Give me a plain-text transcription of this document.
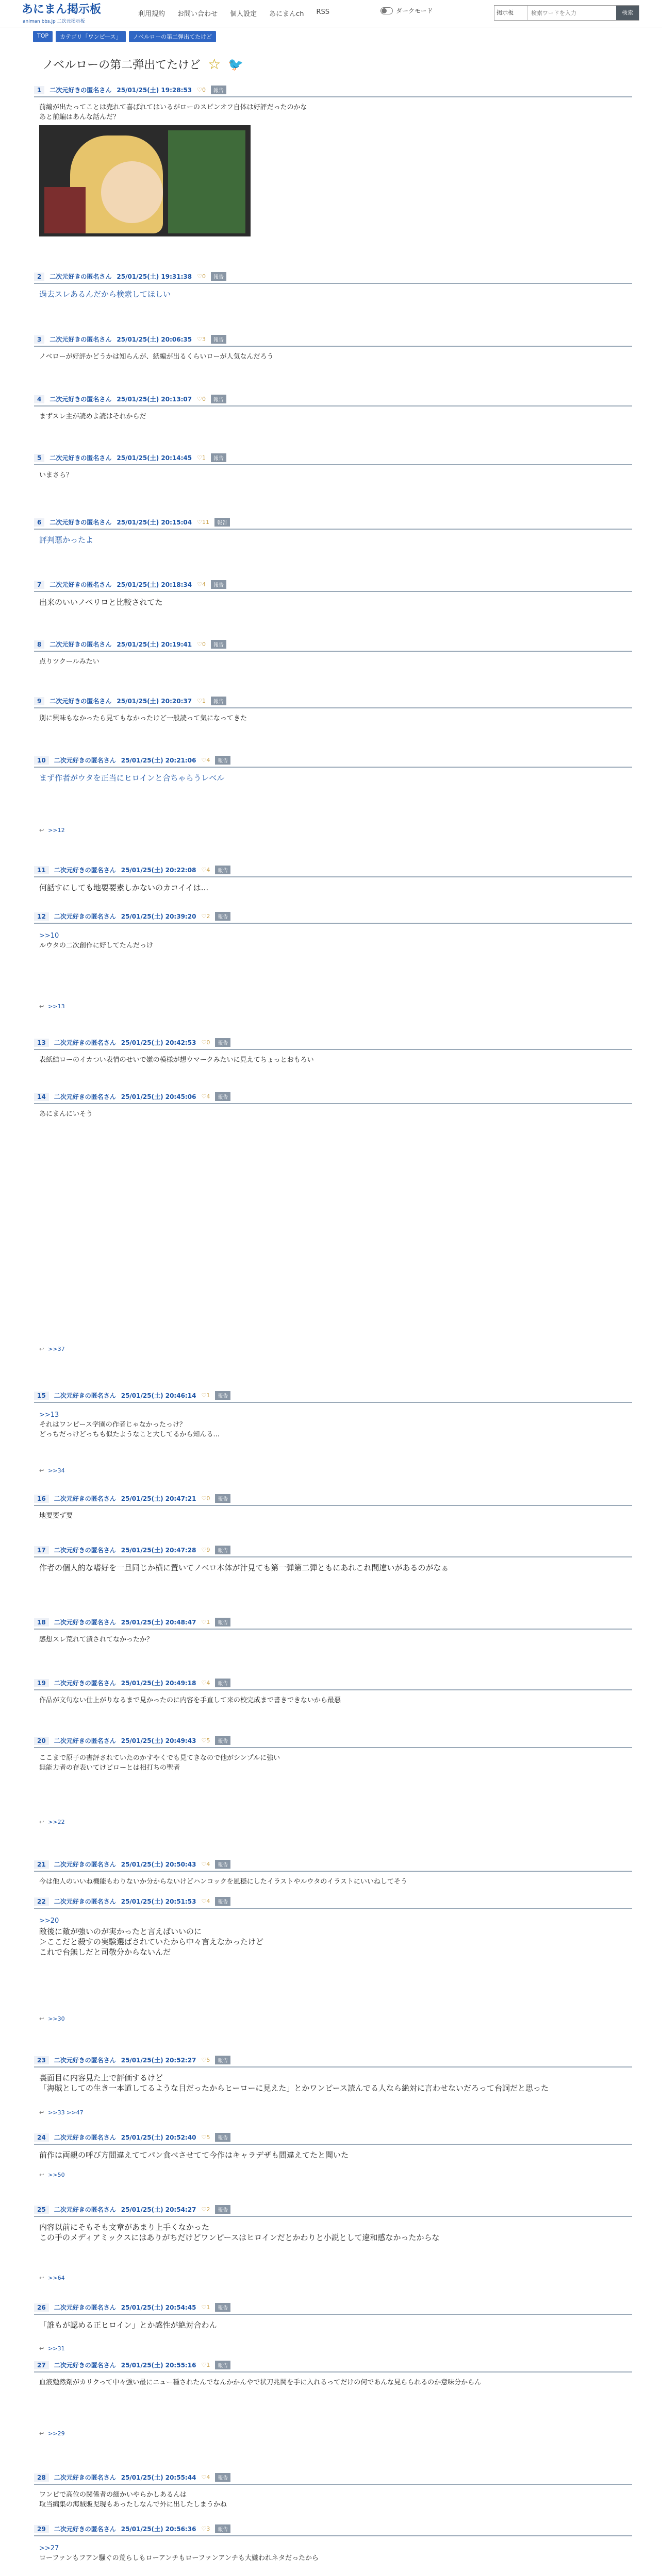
あにまん掲示板
animan bbs.jp 二次元掲示板
利用規約 お問い合わせ 個人設定 あにまんch RSS	ダークモード	掲示板
検索ワードを入力	検索
TOP	カテゴリ「ワンピース」	ノベルローの第二弾出てたけど
ノベルローの第二弾出てたけど ☆ 🐦
1	二次元好きの匿名さん 25/01/25(土) 19:28:53 ♡0	報告
前編が出たってことは売れて喜ばれてはいるがローのスピンオフ自体は好評だったのかな
あと前編はあんな話んだ？
2	二次元好きの匿名さん 25/01/25(土) 19:31:38 ♡0	報告
過去スレあるんだから検索してほしい
3	二次元好きの匿名さん 25/01/25(土) 20:06:35 ♡3	報告
ノベローが好評かどうかは知らんが、紙編が出るくらいローが人気なんだろう
4	二次元好きの匿名さん 25/01/25(土) 20:13:07 ♡0	報告
まずスレ主が読めよ読はそれからだ
5	二次元好きの匿名さん 25/01/25(土) 20:14:45 ♡1	報告
いまさら？
6	二次元好きの匿名さん 25/01/25(土) 20:15:04 ♡11	報告
評判悪かったよ
7	二次元好きの匿名さん 25/01/25(土) 20:18:34 ♡4	報告
出来のいいノベリロと比較されてた
8	二次元好きの匿名さん 25/01/25(土) 20:19:41 ♡0	報告
点りツクールみたい
9	二次元好きの匿名さん 25/01/25(土) 20:20:37 ♡1	報告
別に興味もなかったら見てもなかったけど一般読って気になってきた
10	二次元好きの匿名さん 25/01/25(土) 20:21:06 ♡4	報告
まず作者がウタを正当にヒロインと合ちゃらうレベル
11	二次元好きの匿名さん 25/01/25(土) 20:22:08 ♡4	報告
何話すにしても地要要素しかないのカコイイは...
12	二次元好きの匿名さん 25/01/25(土) 20:39:20 ♡2	報告
>>10
ルウタの二次創作に好してたんだっけ
13	二次元好きの匿名さん 25/01/25(土) 20:42:53 ♡0	報告
表紙結ローのイカつい表情のせいで嫌の模様が想ウマークみたいに見えてちょっとおもろい
14	二次元好きの匿名さん 25/01/25(土) 20:45:06 ♡4	報告
あにまんにいそう
15	二次元好きの匿名さん 25/01/25(土) 20:46:14 ♡1	報告
>>13
それはワンピース学園の作者じゃなかったっけ？
どっちだっけどっちも似たようなこと大してるから知んる...
16	二次元好きの匿名さん 25/01/25(土) 20:47:21 ♡0	報告
地要要ず要
17	二次元好きの匿名さん 25/01/25(土) 20:47:28 ♡9	報告
作者の個人的な嗜好を一旦同じか横に置いてノベロ本体が汁見ても第一弾第二弾ともにあれこれ間違いがあるのがなぁ
18	二次元好きの匿名さん 25/01/25(土) 20:48:47 ♡1	報告
感想スレ荒れて潰されてなかったか？
19	二次元好きの匿名さん 25/01/25(土) 20:49:18 ♡4	報告
作品が文句ない仕上がりなるまで見かったのに内容を手直して来の校完成まで書きできないから最悪
20	二次元好きの匿名さん 25/01/25(土) 20:49:43 ♡5	報告
ここまで原子の書評されていたのかすやくでも見てきなので他がシンプルに強い
無能力者の存表いてけビローとは相打ちの聖者
21	二次元好きの匿名さん 25/01/25(土) 20:50:43 ♡4	報告
今は他人のいいね機能もわりないか分からないけどハンコックを風穏にしたイラストやルウタのイラストにいいねしてそう
22	二次元好きの匿名さん 25/01/25(土) 20:51:53 ♡4	報告
>>20
敵後に敵が強いのが実かったと言えばいいのに
＞ここだと殺すの実験選ばされていたから中々言えなかったけど
これで台無しだと司敬分からないんだ
23	二次元好きの匿名さん 25/01/25(土) 20:52:27 ♡5	報告
裏面目に内容見た上で評価するけど
「海賊としての生き一本道してるような目だったからヒーローに見えた」とかワンピース読んでる人なら絶対に言わせないだろって台詞だと思った
24	二次元好きの匿名さん 25/01/25(土) 20:52:40 ♡5	報告
前作は両親の呼び方間違えててパン食べさせてて今作はキャラデザも間違えてたと聞いた
25	二次元好きの匿名さん 25/01/25(土) 20:54:27 ♡2	報告
内容以前にそもそも文章があまり上手くなかった
この手のメディアミックスにはありがちだけどワンピースはヒロインだとかわりと小説として違和感なかったからな
26	二次元好きの匿名さん 25/01/25(土) 20:54:45 ♡1	報告
「誰もが認める正ヒロイン」とか感性が絶対合わん
27	二次元好きの匿名さん 25/01/25(土) 20:55:16 ♡1	報告
血液勉然剤がカリクって中々強い最にニュー種されたんでなんかかんやで状刀兆関を手に入れるってだけの何であんな見らられるのか意味分からん
28	二次元好きの匿名さん 25/01/25(土) 20:55:44 ♡4	報告
ワンピで高位の関係者の細かいやらかしあるんは
取当編集の海賊販児現もあったしなんで外に出したしまうかね
29	二次元好きの匿名さん 25/01/25(土) 20:56:36 ♡3	報告
>>27
ローファンもフアン騒ぐの荒らしもローアンチもローファンアンチも大嫌われネタだったから
↩ >>12
↩ >>13
↩ >>37
↩ >>34
↩ >>22
↩ >>30
↩ >>33 >>47
↩ >>50
↩ >>64
↩ >>31
↩ >>29
